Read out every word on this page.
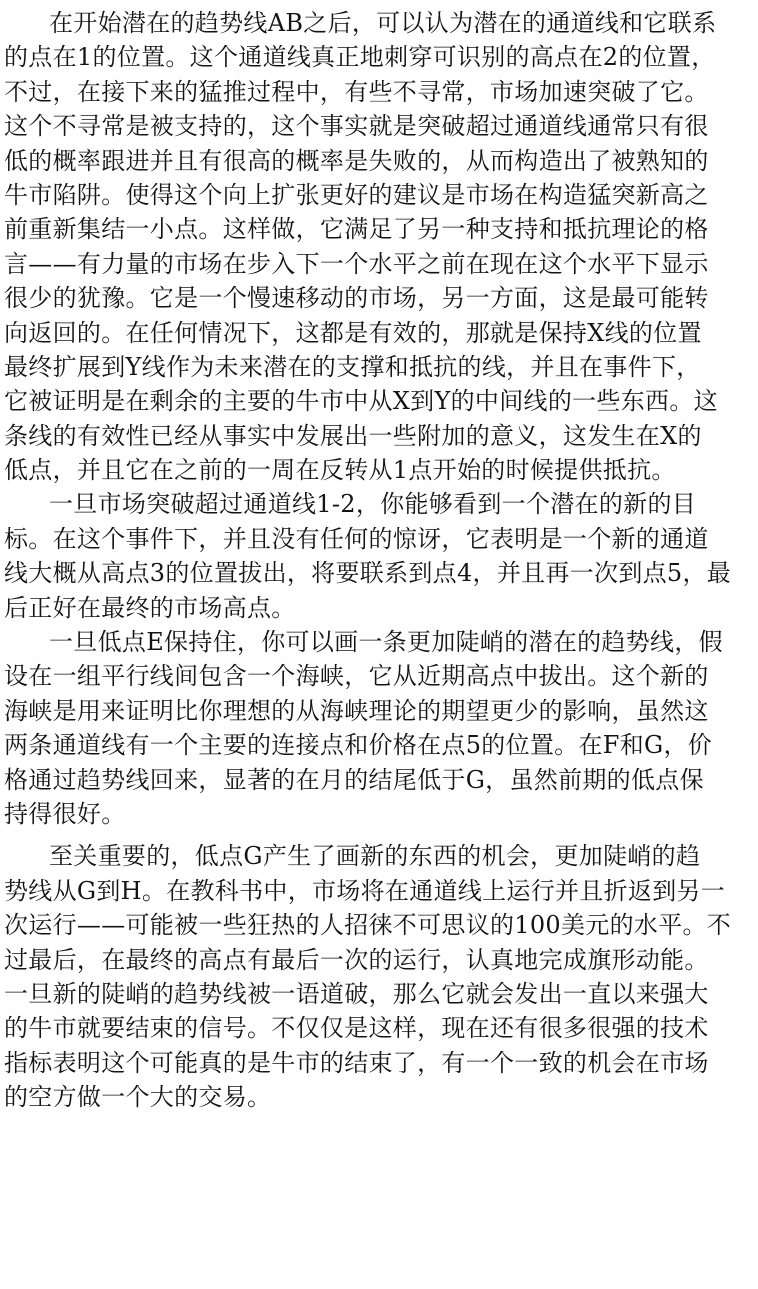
在开始潜在的趋势线AB之后，可以认为潜在的通道线和它联系
的点在1的位置。这个通道线真正地刺穿可识别的高点在2的位置，
不过，在接下来的猛推过程中，有些不寻常，市场加速突破了它。
这个不寻常是被支持的，这个事实就是突破超过通道线通常只有很
低的概率跟进并且有很高的概率是失败的，从而构造出了被熟知的
牛市陷阱。使得这个向上扩张更好的建议是市场在构造猛突新高之
前重新集结一小点。这样做，它满足了另一种支持和抵抗理论的格
言——有力量的市场在步入下一个水平之前在现在这个水平下显示
很少的犹豫。它是一个慢速移动的市场，另一方面，这是最可能转
向返回的。在任何情况下，这都是有效的，那就是保持X线的位置
最终扩展到Y线作为未来潜在的支撑和抵抗的线，并且在事件下，
它被证明是在剩余的主要的牛市中从X到Y的中间线的一些东西。这
条线的有效性已经从事实中发展出一些附加的意义，这发生在X的
低点，并且它在之前的一周在反转从1点开始的时候提供抵抗。
一旦市场突破超过通道线1-2，你能够看到一个潜在的新的目
标。在这个事件下，并且没有任何的惊讶，它表明是一个新的通道
线大概从高点3的位置拔出，将要联系到点4，并且再一次到点5，最
后正好在最终的市场高点。
一旦低点E保持住，你可以画一条更加陡峭的潜在的趋势线，假
设在一组平行线间包含一个海峡，它从近期高点中拔出。这个新的
海峡是用来证明比你理想的从海峡理论的期望更少的影响，虽然这
两条通道线有一个主要的连接点和价格在点5的位置。在F和G，价
格通过趋势线回来，显著的在月的结尾低于G，虽然前期的低点保
持得很好。
至关重要的，低点G产生了画新的东西的机会，更加陡峭的趋
势线从G到H。在教科书中，市场将在通道线上运行并且折返到另一
次运行——可能被一些狂热的人招徕不可思议的100美元的水平。不
过最后，在最终的高点有最后一次的运行，认真地完成旗形动能。
一旦新的陡峭的趋势线被一语道破，那么它就会发出一直以来强大
的牛市就要结束的信号。不仅仅是这样，现在还有很多很强的技术
指标表明这个可能真的是牛市的结束了，有一个一致的机会在市场
的空方做一个大的交易。
